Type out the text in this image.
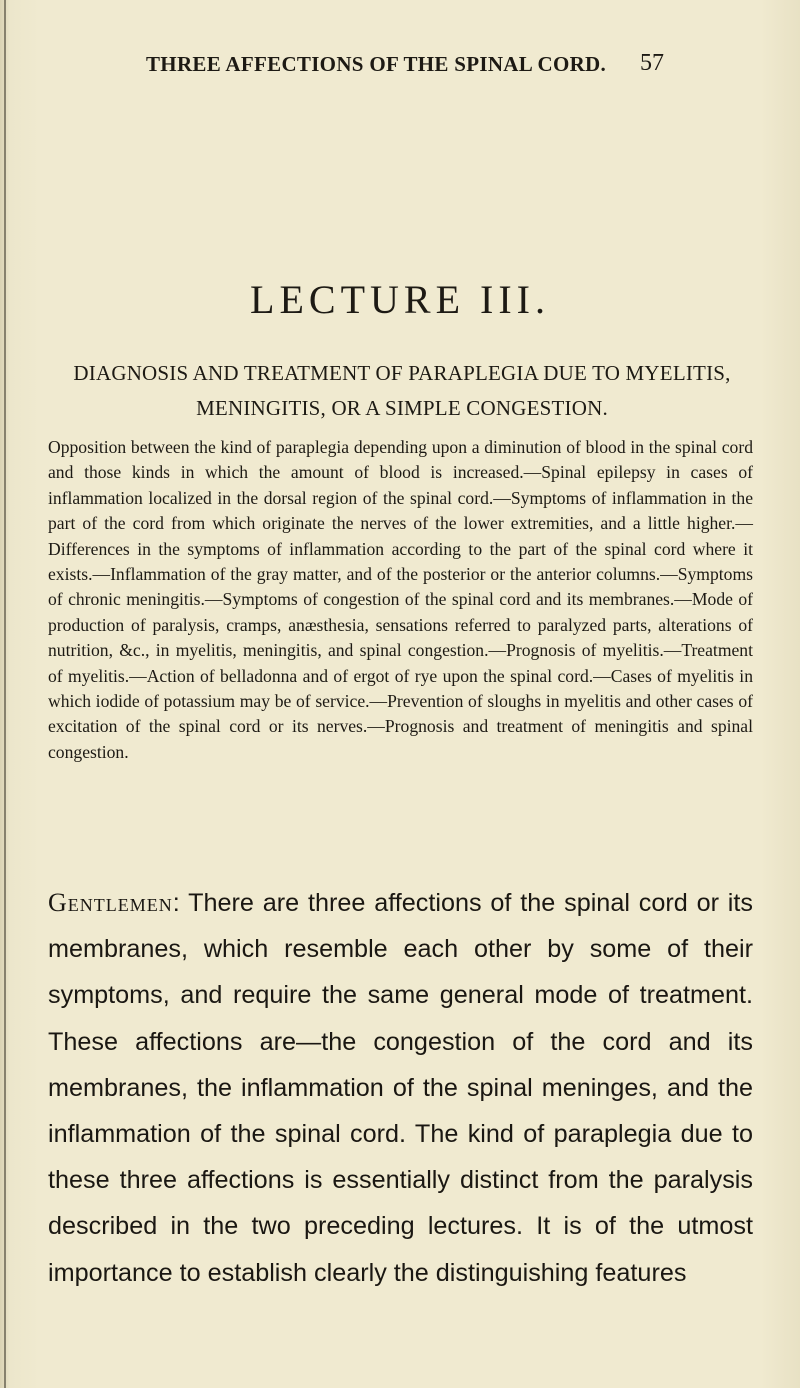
THREE AFFECTIONS OF THE SPINAL CORD. 57
LECTURE III.
DIAGNOSIS AND TREATMENT OF PARAPLEGIA DUE TO MYELITIS, MENINGITIS, OR A SIMPLE CONGESTION.
Opposition between the kind of paraplegia depending upon a diminution of blood in the spinal cord and those kinds in which the amount of blood is increased.—Spinal epilepsy in cases of inflammation localized in the dorsal region of the spinal cord.—Symptoms of inflammation in the part of the cord from which originate the nerves of the lower extremities, and a little higher.—Differences in the symptoms of inflammation according to the part of the spinal cord where it exists.—Inflammation of the gray matter, and of the posterior or the anterior columns.—Symptoms of chronic meningitis.—Symptoms of congestion of the spinal cord and its membranes.—Mode of production of paralysis, cramps, anæsthesia, sensations referred to paralyzed parts, alterations of nutrition, &c., in myelitis, meningitis, and spinal congestion.—Prognosis of myelitis.—Treatment of myelitis.—Action of belladonna and of ergot of rye upon the spinal cord.—Cases of myelitis in which iodide of potassium may be of service.—Prevention of sloughs in myelitis and other cases of excitation of the spinal cord or its nerves.—Prognosis and treatment of meningitis and spinal congestion.
Gentlemen: There are three affections of the spinal cord or its membranes, which resemble each other by some of their symptoms, and require the same general mode of treatment. These affections are—the congestion of the cord and its membranes, the inflammation of the spinal meninges, and the inflammation of the spinal cord. The kind of paraplegia due to these three affections is essentially distinct from the paralysis described in the two preceding lectures. It is of the utmost importance to establish clearly the distinguishing features
